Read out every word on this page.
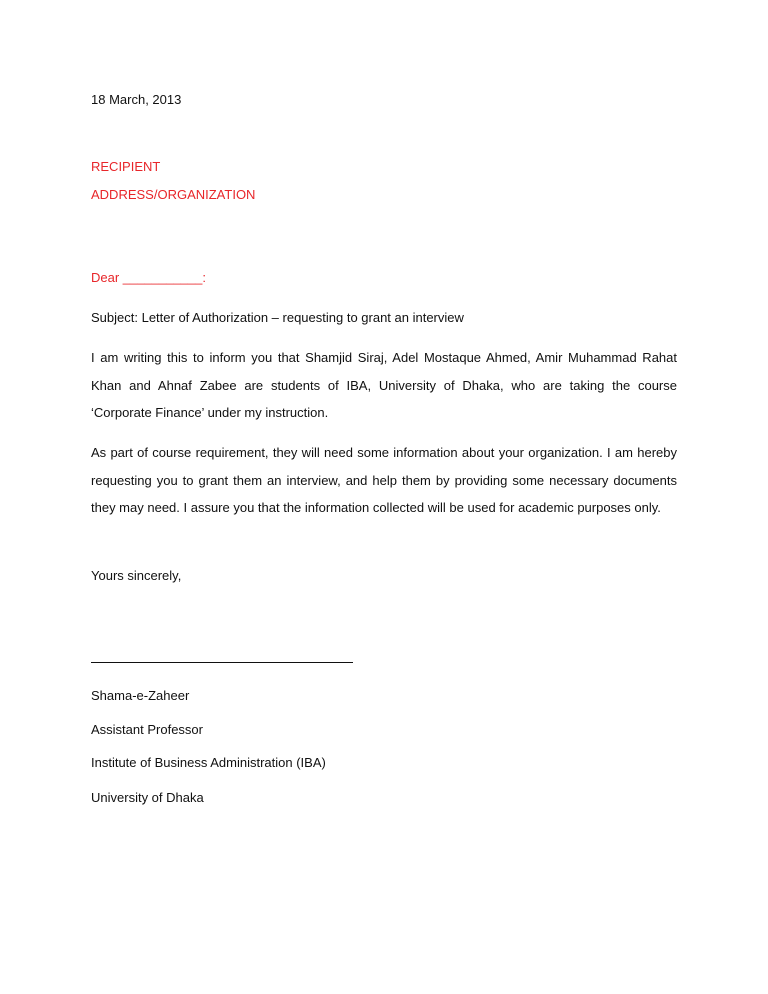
18 March, 2013
RECIPIENT
ADDRESS/ORGANIZATION
Dear ___________:
Subject: Letter of Authorization – requesting to grant an interview

I am writing this to inform you that Shamjid Siraj, Adel Mostaque Ahmed, Amir Muhammad Rahat Khan and Ahnaf Zabee are students of IBA, University of Dhaka, who are taking the course ‘Corporate Finance’ under my instruction.

As part of course requirement, they will need some information about your organization. I am hereby requesting you to grant them an interview, and help them by providing some necessary documents they may need. I assure you that the information collected will be used for academic purposes only.

Yours sincerely,
Shama-e-Zaheer
Assistant Professor
Institute of Business Administration (IBA)
University of Dhaka
